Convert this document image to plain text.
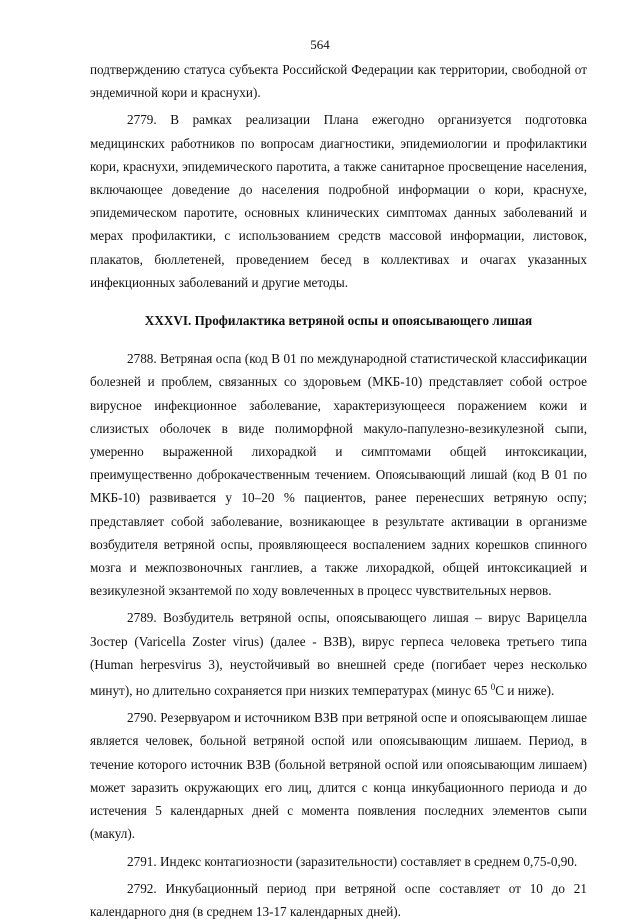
564

подтверждению статуса субъекта Российской Федерации как территории, свободной от эндемичной кори и краснухи).

2779. В рамках реализации Плана ежегодно организуется подготовка медицинских работников по вопросам диагностики, эпидемиологии и профилактики кори, краснухи, эпидемического паротита, а также санитарное просвещение населения, включающее доведение до населения подробной информации о кори, краснухе, эпидемическом паротите, основных клинических симптомах данных заболеваний и мерах профилактики, с использованием средств массовой информации, листовок, плакатов, бюллетеней, проведением бесед в коллективах и очагах указанных инфекционных заболеваний и другие методы.

XXXVI. Профилактика ветряной оспы и опоясывающего лишая

2788. Ветряная оспа (код B 01 по международной статистической классификации болезней и проблем, связанных со здоровьем (МКБ-10) представляет собой острое вирусное инфекционное заболевание, характеризующееся поражением кожи и слизистых оболочек в виде полиморфной макуло-папулезно-везикулезной сыпи, умеренно выраженной лихорадкой и симптомами общей интоксикации, преимущественно доброкачественным течением. Опоясывающий лишай (код B 01 по МКБ-10) развивается у 10–20 % пациентов, ранее перенесших ветряную оспу; представляет собой заболевание, возникающее в результате активации в организме возбудителя ветряной оспы, проявляющееся воспалением задних корешков спинного мозга и межпозвоночных ганглиев, а также лихорадкой, общей интоксикацией и везикулезной экзантемой по ходу вовлеченных в процесс чувствительных нервов.

2789. Возбудитель ветряной оспы, опоясывающего лишая – вирус Варицелла Зостер (Varicella Zoster virus) (далее - ВЗВ), вирус герпеса человека третьего типа (Human herpesvirus 3), неустойчивый во внешней среде (погибает через несколько минут), но длительно сохраняется при низких температурах (минус 65 $^0$С и ниже).

2790. Резервуаром и источником ВЗВ при ветряной оспе и опоясывающем лишае является человек, больной ветряной оспой или опоясывающим лишаем. Период, в течение которого источник ВЗВ (больной ветряной оспой или опоясывающим лишаем) может заразить окружающих его лиц, длится с конца инкубационного периода и до истечения 5 календарных дней с момента появления последних элементов сыпи (макул).

2791. Индекс контагиозности (заразительности) составляет в среднем 0,75-0,90.

2792. Инкубационный период при ветряной оспе составляет от 10 до 21 календарного дня (в среднем 13-17 календарных дней).
